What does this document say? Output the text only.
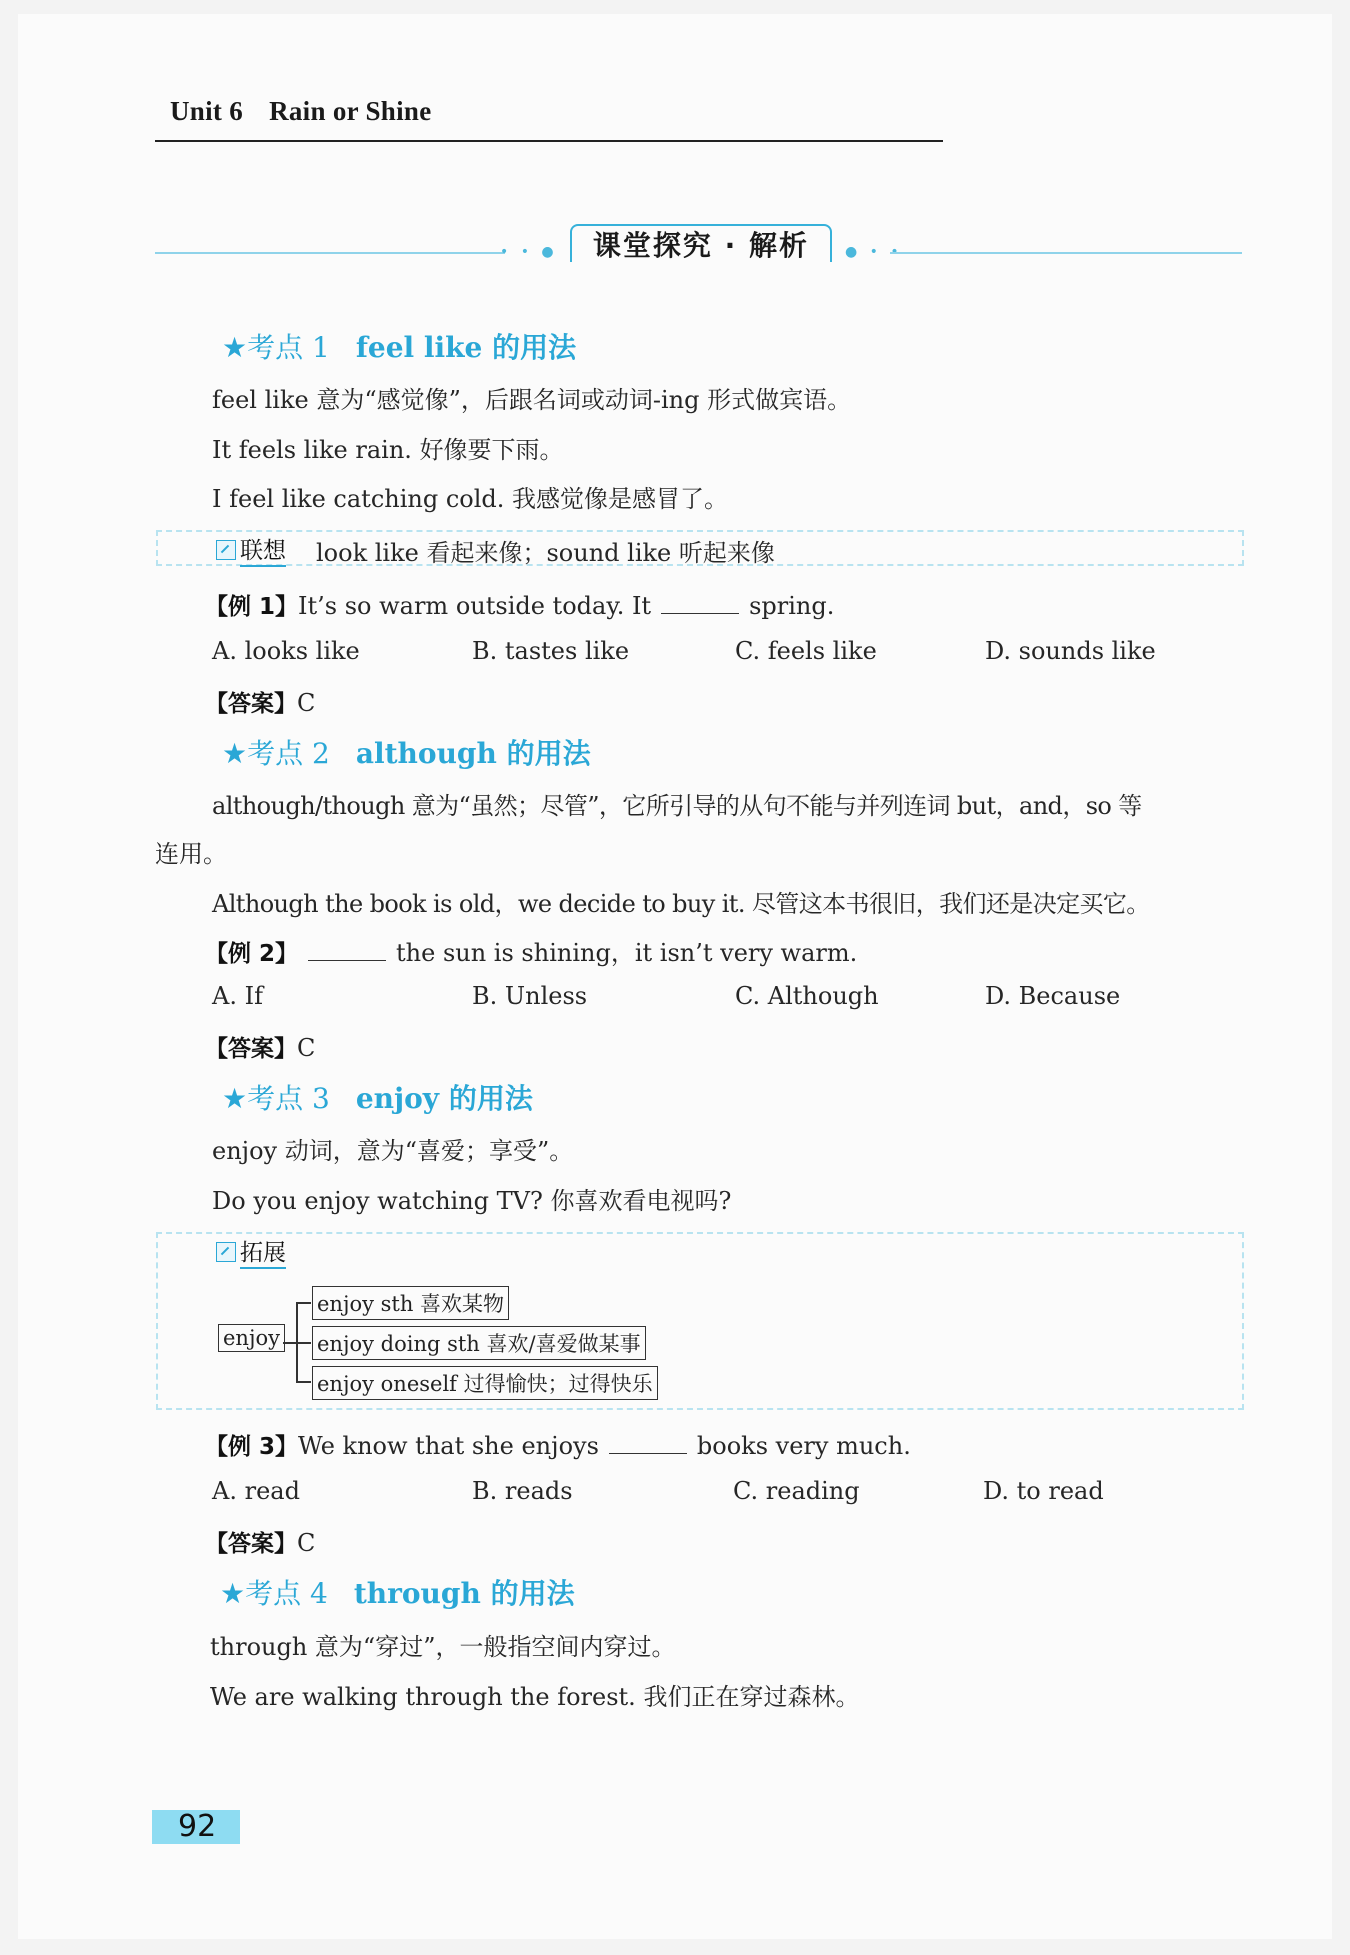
Unit 6 Rain or Shine
• • ●	课堂探究 · 解析	● • •
★考点 1 feel like 的用法
feel like 意为“感觉像”，后跟名词或动词-ing 形式做宾语。
It feels like rain. 好像要下雨。
I feel like catching cold. 我感觉像是感冒了。
联想 look like 看起来像；sound like 听起来像
【例 1】It’s so warm outside today. It	spring.
A. looks like	B. tastes like	C. feels like	D. sounds like
【答案】C
★考点 2 although 的用法
although/though 意为“虽然；尽管”，它所引导的从句不能与并列连词 but，and，so 等
连用。
Although the book is old，we decide to buy it. 尽管这本书很旧，我们还是决定买它。
【例 2】	the sun is shining，it isn’t very warm.
A. If	B. Unless	C. Although	D. Because
【答案】C
★考点 3 enjoy 的用法
enjoy 动词，意为“喜爱；享受”。
Do you enjoy watching TV? 你喜欢看电视吗?
拓展
enjoy
enjoy sth 喜欢某物
enjoy doing sth 喜欢/喜爱做某事
enjoy oneself 过得愉快；过得快乐
【例 3】We know that she enjoys	books very much.
A. read	B. reads	C. reading	D. to read
【答案】C
★考点 4 through 的用法
through 意为“穿过”，一般指空间内穿过。
We are walking through the forest. 我们正在穿过森林。
92
